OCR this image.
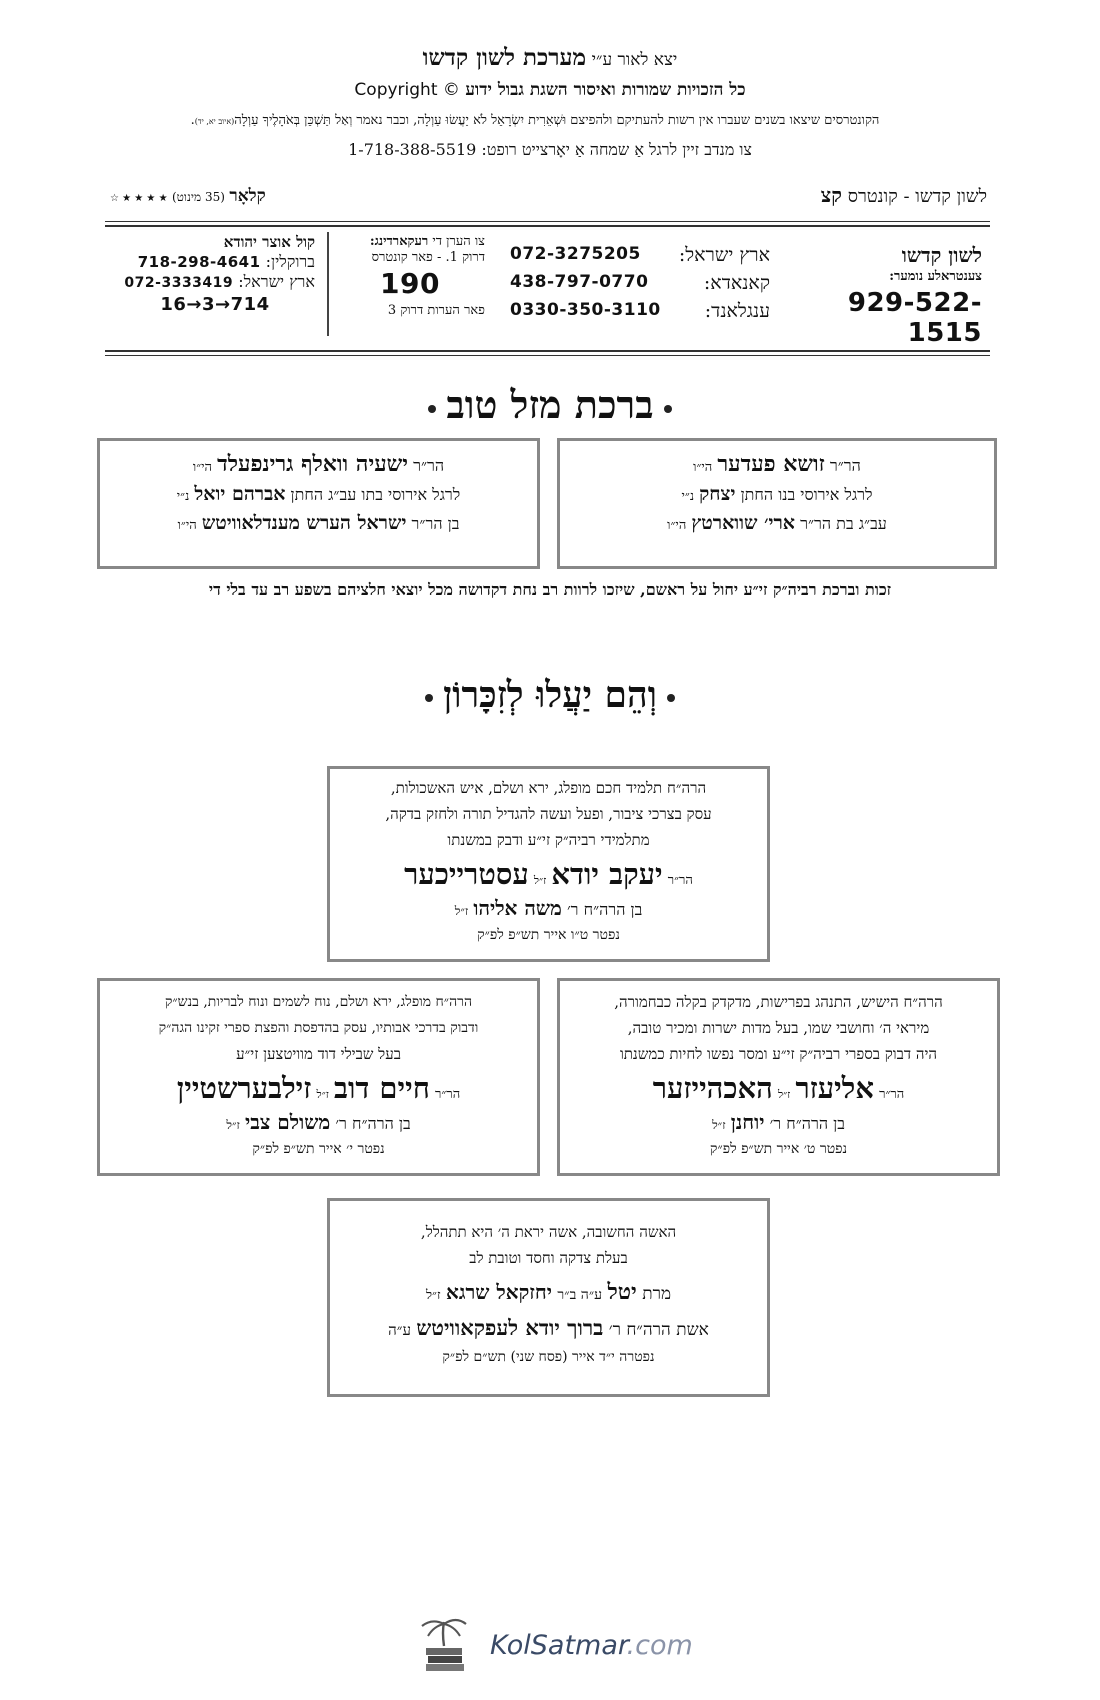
יצא לאור ע״י מערכת לשון קדשו
Copyright © כל הזכויות שמורות ואיסור השגת גבול ידוע
הקונטרסים שיצאו בשנים שעברו אין רשות להעתיקם ולהפיצם וּשְׁאֵרִית יִשְׂרָאֵל לֹא יַעֲשׂוּ עַוְלָה, וכבר נאמר וְאַל תַּשְׁכֵּן בְּאֹהָלֶיךָ עַוְלָה(איוב יא, יד).
צו מנדב זיין לרגל אַ שמחה אַ יאָרצייט רופט: 1-718-388-5519
לשון קדשו - קונטרס קצ
קלאָר (35 מינוט) ★ ★ ★ ★ ☆
לשון קדשו
צענטראלע נומער:
929-522-1515
ארץ ישראל:
072-3275205
קאנאדא:
438-797-0770
ענגלאנד:
0330-350-3110
צו הערן די רעקארדינג:
דרוק 1. - פאר קונטרס
190
פאר הערות דרוק 3
קול אוצר יהודא
ברוקלין: 718-298-4641
ארץ ישראל: 072-3333419
16→3→714
ברכת מזל טוב
הר״ר זושא פעדער הי״ו
לרגל אירוסי בנו החתן יצחק נ״י
עב״ג בת הר״ר ארי׳ שווארטץ הי״ו
הר״ר ישעיה וואלף גרינפעלד הי״ו
לרגל אירוסי בתו עב״ג החתן אברהם יואל נ״י
בן הר״ר ישראל הערש מענדלאוויטש הי״ו
זכות וברכת רביה״ק זי״ע יחול על ראשם, שיזכו לרוות רב נחת דקדושה מכל יוצאי חלציהם בשפע רב עד בלי די
וְהֵם יַעֲלוּ לְזִכָּרוֹן
הרה״ח תלמיד חכם מופלג, ירא ושלם, איש האשכולות,
עסק בצרכי ציבור, ופעל ועשה להגדיל תורה ולחזק בדקה,
מתלמידי רביה״ק זי״ע ודבק במשנתו
הר״ר יעקב יודא ז״ל עסטרייכער
בן הרה״ח ר׳ משה אליהו ז״ל
נפטר ט״ו אייר תש״פ לפ״ק
הרה״ח הישיש, התנהג בפרישות, מדקדק בקלה כבחמורה,
מיראי ה׳ וחושבי שמו, בעל מדות ישרות ומכיר טובה,
היה דבוק בספרי רביה״ק זי״ע ומסר נפשו לחיות כמשנתו
הר״ר אליעזר ז״ל האכהייזער
בן הרה״ח ר׳ יוחנן ז״ל
נפטר ט׳ אייר תש״פ לפ״ק
הרה״ח מופלג, ירא ושלם, נוח לשמים ונוח לבריות, בנש״ק
ודבוק בדרכי אבותיו, עסק בהדפסת והפצת ספרי זקינו הגה״ק
בעל שבילי דוד מוויטצען זי״ע
הר״ר חיים דוב ז״ל זילבערשטיין
בן הרה״ח ר׳ משולם צבי ז״ל
נפטר י׳ אייר תש״פ לפ״ק
האשה החשובה, אשה יראת ה׳ היא תתהלל,
בעלת צדקה וחסד וטובת לב
מרת יטל ע״ה ב״ר יחזקאל שרגא ז״ל
אשת הרה״ח ר׳ ברוך יודא לעפקאוויטש ע״ה
נפטרה י״ד אייר (פסח שני) תש״ם לפ״ק
KolSatmar.com
